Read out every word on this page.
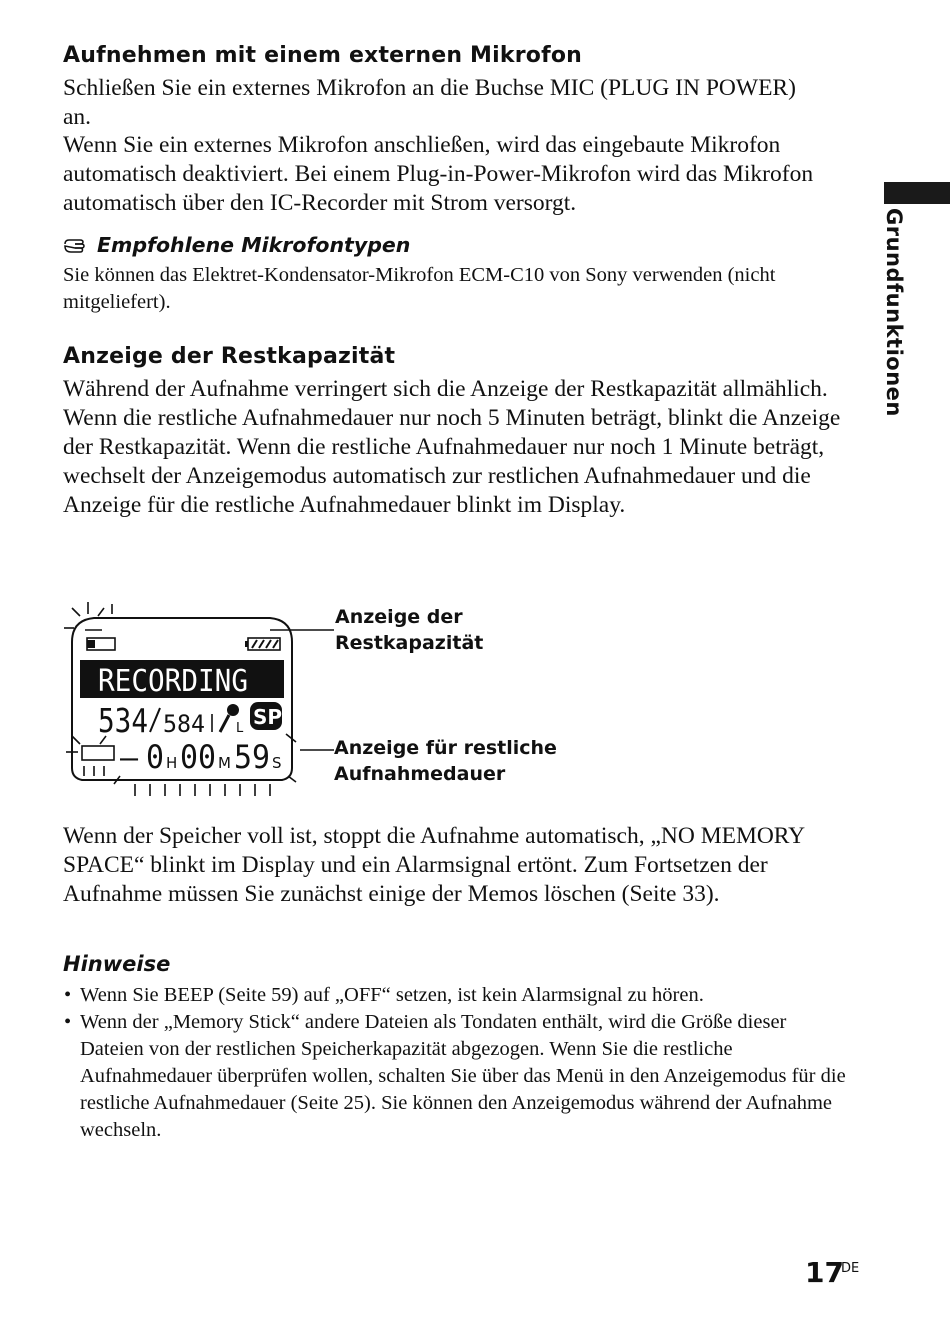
Aufnehmen mit einem externen Mikrofon
Schließen Sie ein externes Mikrofon an die Buchse MIC (PLUG IN POWER) an.
Wenn Sie ein externes Mikrofon anschließen, wird das eingebaute Mikrofon automatisch deaktiviert. Bei einem Plug-in-Power-Mikrofon wird das Mikrofon automatisch über den IC-Recorder mit Strom versorgt.
Empfohlene Mikrofontypen
Sie können das Elektret-Kondensator-Mikrofon ECM-C10 von Sony verwenden (nicht mitgeliefert).
Anzeige der Restkapazität
Während der Aufnahme verringert sich die Anzeige der Restkapazität allmählich. Wenn die restliche Aufnahmedauer nur noch 5 Minuten beträgt, blinkt die Anzeige der Restkapazität. Wenn die restliche Aufnahmedauer nur noch 1 Minute beträgt, wechselt der Anzeigemodus automatisch zur restlichen Aufnahmedauer und die Anzeige für die restliche Aufnahmedauer blinkt im Display.
RECORDING
534 584 L SP
– 0 H 00 M 59 S
Anzeige der
Restkapazität
Anzeige für restliche
Aufnahmedauer
Wenn der Speicher voll ist, stoppt die Aufnahme automatisch, „NO MEMORY SPACE“ blinkt im Display und ein Alarmsignal ertönt. Zum Fortsetzen der Aufnahme müssen Sie zunächst einige der Memos löschen (Seite 33).
Hinweise
• Wenn Sie BEEP (Seite 59) auf „OFF“ setzen, ist kein Alarmsignal zu hören.
• Wenn der „Memory Stick“ andere Dateien als Tondaten enthält, wird die Größe dieser Dateien von der restlichen Speicherkapazität abgezogen. Wenn Sie die restliche Aufnahmedauer überprüfen wollen, schalten Sie über das Menü in den Anzeigemodus für die restliche Aufnahmedauer (Seite 25). Sie können den Anzeigemodus während der Aufnahme wechseln.
Grundfunktionen
17
DE
